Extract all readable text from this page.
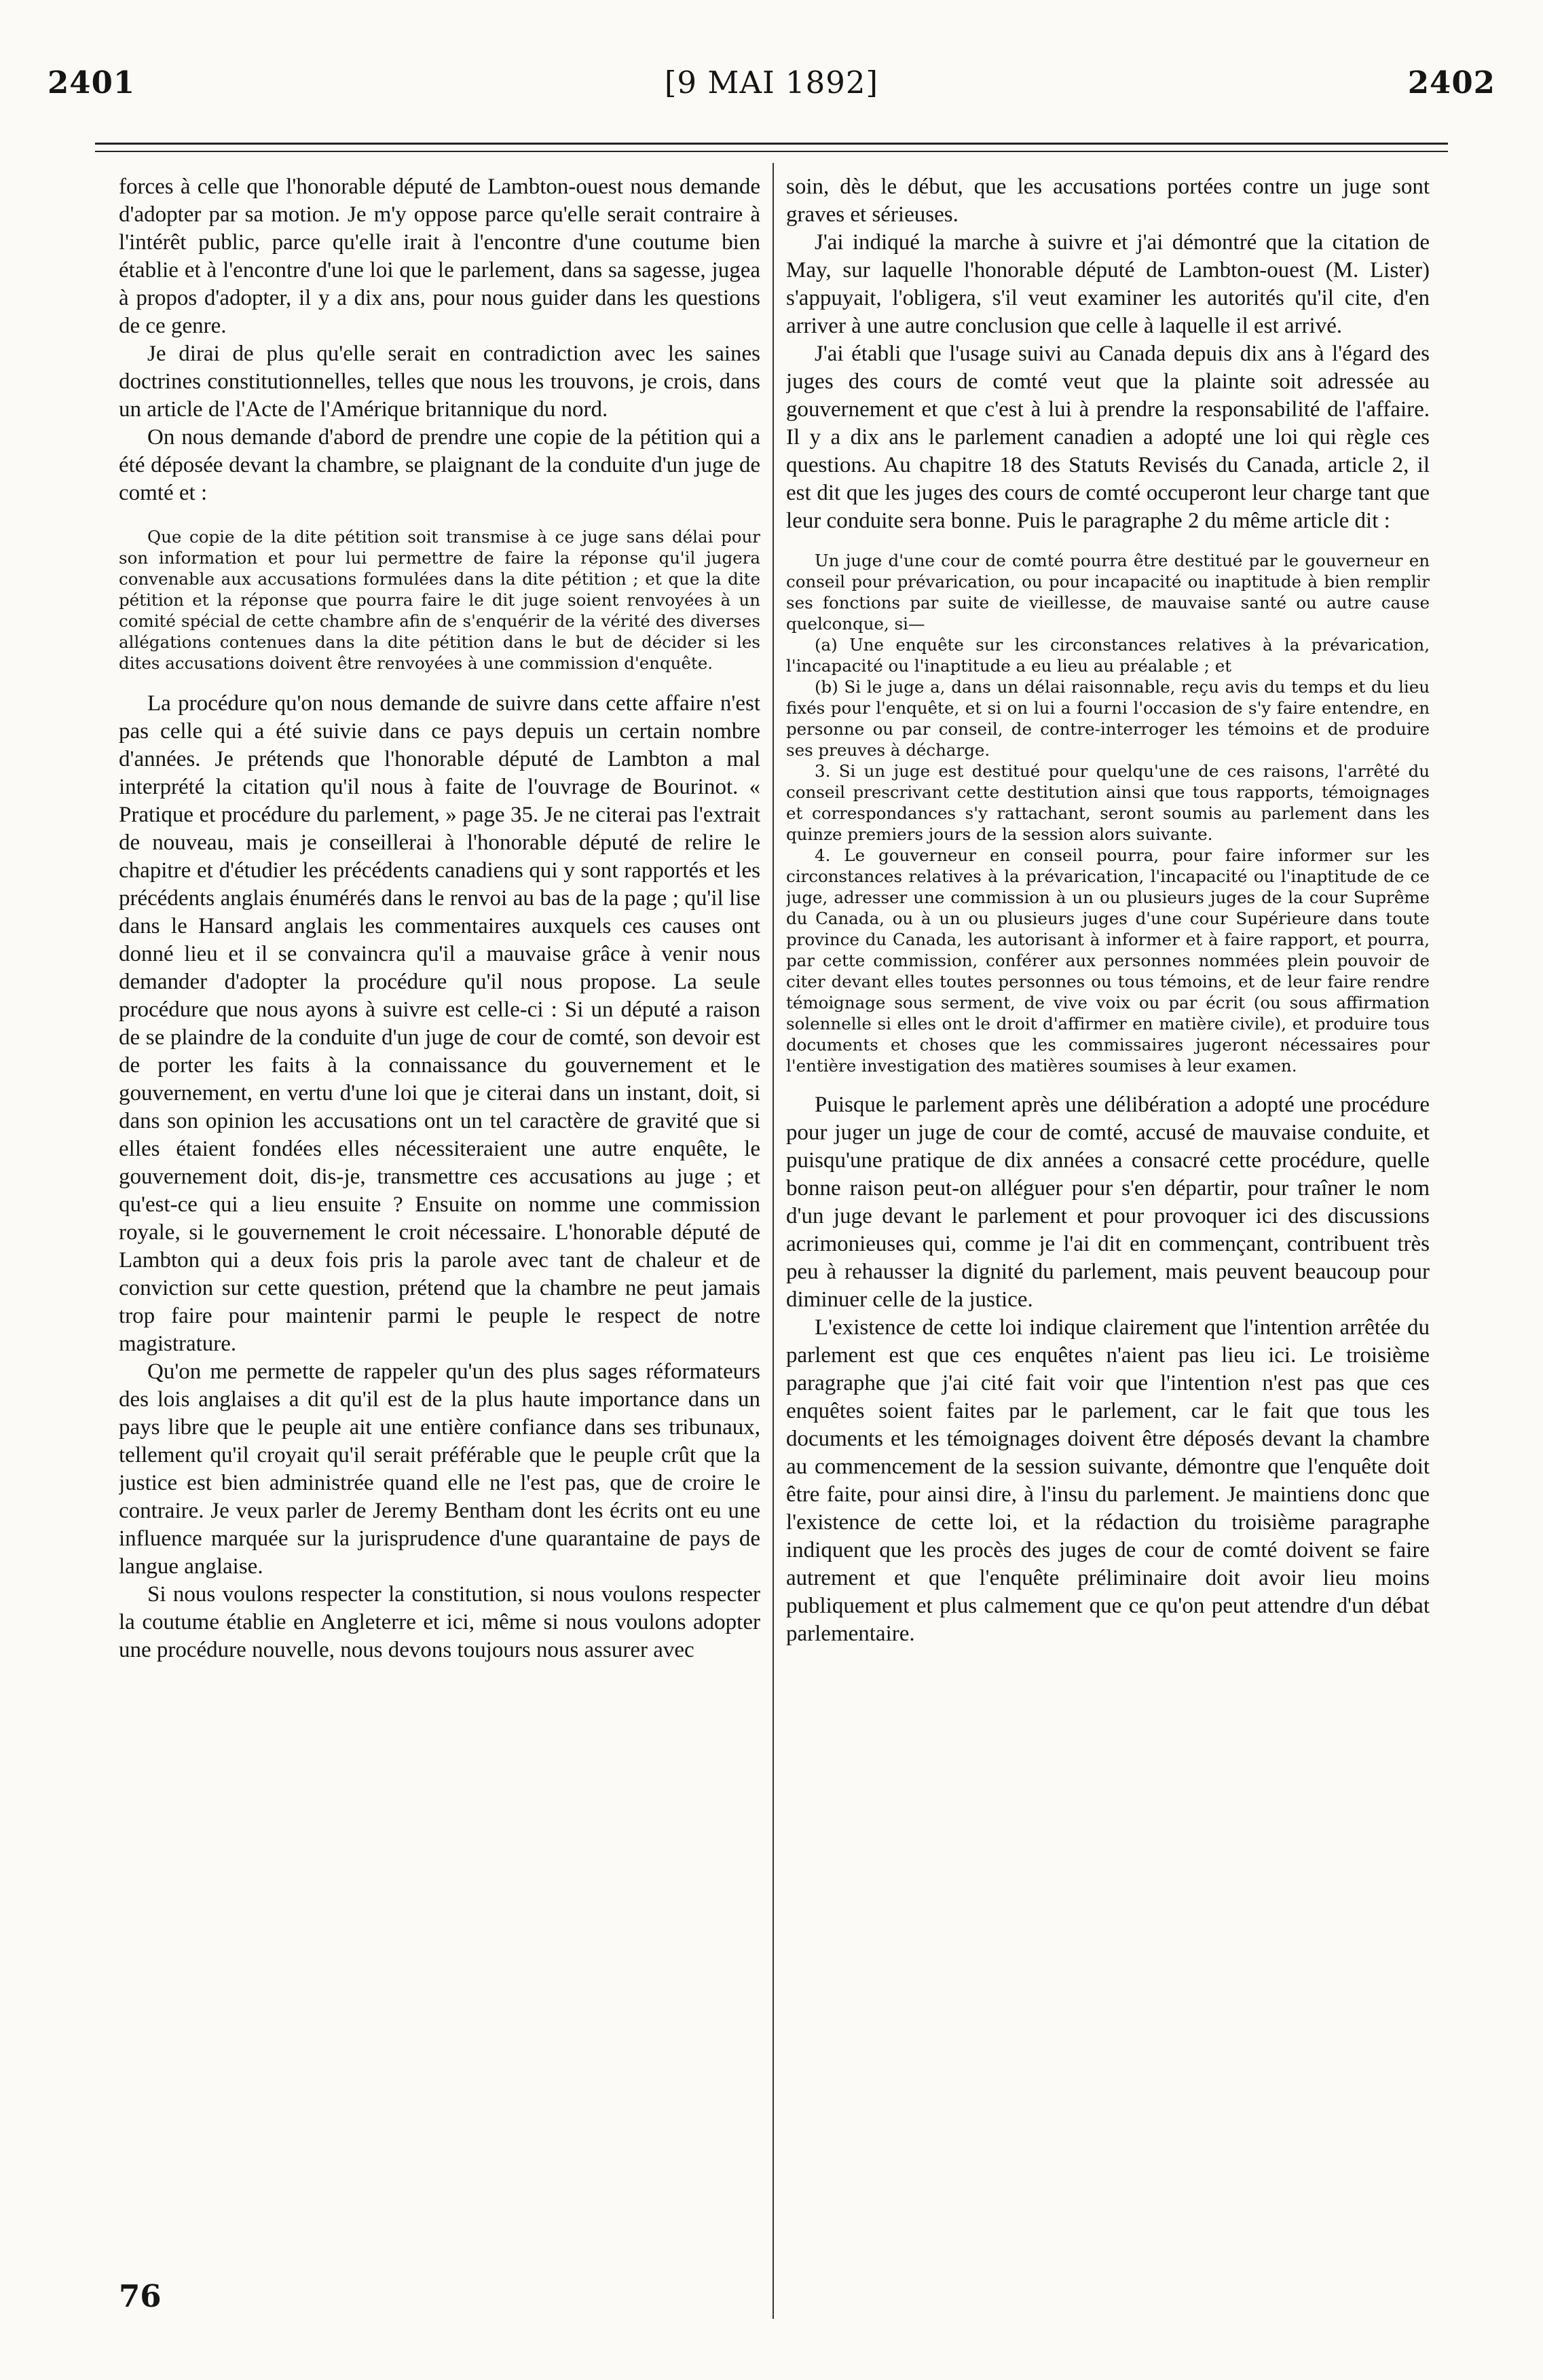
2401	[9 MAI 1892]	2402

forces à celle que l'honorable député de Lambton-ouest nous demande d'adopter par sa motion. Je m'y oppose parce qu'elle serait contraire à l'intérêt public, parce qu'elle irait à l'encontre d'une coutume bien établie et à l'encontre d'une loi que le parlement, dans sa sagesse, jugea à propos d'adopter, il y a dix ans, pour nous guider dans les questions de ce genre.

Je dirai de plus qu'elle serait en contradiction avec les saines doctrines constitutionnelles, telles que nous les trouvons, je crois, dans un article de l'Acte de l'Amérique britannique du nord.

On nous demande d'abord de prendre une copie de la pétition qui a été déposée devant la chambre, se plaignant de la conduite d'un juge de comté et :

Que copie de la dite pétition soit transmise à ce juge sans délai pour son information et pour lui permettre de faire la réponse qu'il jugera convenable aux accusations formulées dans la dite pétition ; et que la dite pétition et la réponse que pourra faire le dit juge soient renvoyées à un comité spécial de cette chambre afin de s'enquérir de la vérité des diverses allégations contenues dans la dite pétition dans le but de décider si les dites accusations doivent être renvoyées à une commission d'enquête.

La procédure qu'on nous demande de suivre dans cette affaire n'est pas celle qui a été suivie dans ce pays depuis un certain nombre d'années. Je prétends que l'honorable député de Lambton a mal interprété la citation qu'il nous à faite de l'ouvrage de Bourinot. « Pratique et procédure du parlement, » page 35. Je ne citerai pas l'extrait de nouveau, mais je conseillerai à l'honorable député de relire le chapitre et d'étudier les précédents canadiens qui y sont rapportés et les précédents anglais énumérés dans le renvoi au bas de la page ; qu'il lise dans le Hansard anglais les commentaires auxquels ces causes ont donné lieu et il se convaincra qu'il a mauvaise grâce à venir nous demander d'adopter la procédure qu'il nous propose. La seule procédure que nous ayons à suivre est celle-ci : Si un député a raison de se plaindre de la conduite d'un juge de cour de comté, son devoir est de porter les faits à la connaissance du gouvernement et le gouvernement, en vertu d'une loi que je citerai dans un instant, doit, si dans son opinion les accusations ont un tel caractère de gravité que si elles étaient fondées elles nécessiteraient une autre enquête, le gouvernement doit, dis-je, transmettre ces accusations au juge ; et qu'est-ce qui a lieu ensuite ? Ensuite on nomme une commission royale, si le gouvernement le croit nécessaire. L'honorable député de Lambton qui a deux fois pris la parole avec tant de chaleur et de conviction sur cette question, prétend que la chambre ne peut jamais trop faire pour maintenir parmi le peuple le respect de notre magistrature.

Qu'on me permette de rappeler qu'un des plus sages réformateurs des lois anglaises a dit qu'il est de la plus haute importance dans un pays libre que le peuple ait une entière confiance dans ses tribunaux, tellement qu'il croyait qu'il serait préférable que le peuple crût que la justice est bien administrée quand elle ne l'est pas, que de croire le contraire. Je veux parler de Jeremy Bentham dont les écrits ont eu une influence marquée sur la jurisprudence d'une quarantaine de pays de langue anglaise.

Si nous voulons respecter la constitution, si nous voulons respecter la coutume établie en Angleterre et ici, même si nous voulons adopter une procédure nouvelle, nous devons toujours nous assurer avec

soin, dès le début, que les accusations portées contre un juge sont graves et sérieuses.

J'ai indiqué la marche à suivre et j'ai démontré que la citation de May, sur laquelle l'honorable député de Lambton-ouest (M. Lister) s'appuyait, l'obligera, s'il veut examiner les autorités qu'il cite, d'en arriver à une autre conclusion que celle à laquelle il est arrivé.

J'ai établi que l'usage suivi au Canada depuis dix ans à l'égard des juges des cours de comté veut que la plainte soit adressée au gouvernement et que c'est à lui à prendre la responsabilité de l'affaire. Il y a dix ans le parlement canadien a adopté une loi qui règle ces questions. Au chapitre 18 des Statuts Revisés du Canada, article 2, il est dit que les juges des cours de comté occuperont leur charge tant que leur conduite sera bonne. Puis le paragraphe 2 du même article dit :

Un juge d'une cour de comté pourra être destitué par le gouverneur en conseil pour prévarication, ou pour incapacité ou inaptitude à bien remplir ses fonctions par suite de vieillesse, de mauvaise santé ou autre cause quelconque, si—

(a) Une enquête sur les circonstances relatives à la prévarication, l'incapacité ou l'inaptitude a eu lieu au préalable ; et

(b) Si le juge a, dans un délai raisonnable, reçu avis du temps et du lieu fixés pour l'enquête, et si on lui a fourni l'occasion de s'y faire entendre, en personne ou par conseil, de contre-interroger les témoins et de produire ses preuves à décharge.

3. Si un juge est destitué pour quelqu'une de ces raisons, l'arrêté du conseil prescrivant cette destitution ainsi que tous rapports, témoignages et correspondances s'y rattachant, seront soumis au parlement dans les quinze premiers jours de la session alors suivante.

4. Le gouverneur en conseil pourra, pour faire informer sur les circonstances relatives à la prévarication, l'incapacité ou l'inaptitude de ce juge, adresser une commission à un ou plusieurs juges de la cour Suprême du Canada, ou à un ou plusieurs juges d'une cour Supérieure dans toute province du Canada, les autorisant à informer et à faire rapport, et pourra, par cette commission, conférer aux personnes nommées plein pouvoir de citer devant elles toutes personnes ou tous témoins, et de leur faire rendre témoignage sous serment, de vive voix ou par écrit (ou sous affirmation solennelle si elles ont le droit d'affirmer en matière civile), et produire tous documents et choses que les commissaires jugeront nécessaires pour l'entière investigation des matières soumises à leur examen.

Puisque le parlement après une délibération a adopté une procédure pour juger un juge de cour de comté, accusé de mauvaise conduite, et puisqu'une pratique de dix années a consacré cette procédure, quelle bonne raison peut-on alléguer pour s'en départir, pour traîner le nom d'un juge devant le parlement et pour provoquer ici des discussions acrimonieuses qui, comme je l'ai dit en commençant, contribuent très peu à rehausser la dignité du parlement, mais peuvent beaucoup pour diminuer celle de la justice.

L'existence de cette loi indique clairement que l'intention arrêtée du parlement est que ces enquêtes n'aient pas lieu ici. Le troisième paragraphe que j'ai cité fait voir que l'intention n'est pas que ces enquêtes soient faites par le parlement, car le fait que tous les documents et les témoignages doivent être déposés devant la chambre au commencement de la session suivante, démontre que l'enquête doit être faite, pour ainsi dire, à l'insu du parlement. Je maintiens donc que l'existence de cette loi, et la rédaction du troisième paragraphe indiquent que les procès des juges de cour de comté doivent se faire autrement et que l'enquête préliminaire doit avoir lieu moins publiquement et plus calmement que ce qu'on peut attendre d'un débat parlementaire.

76
